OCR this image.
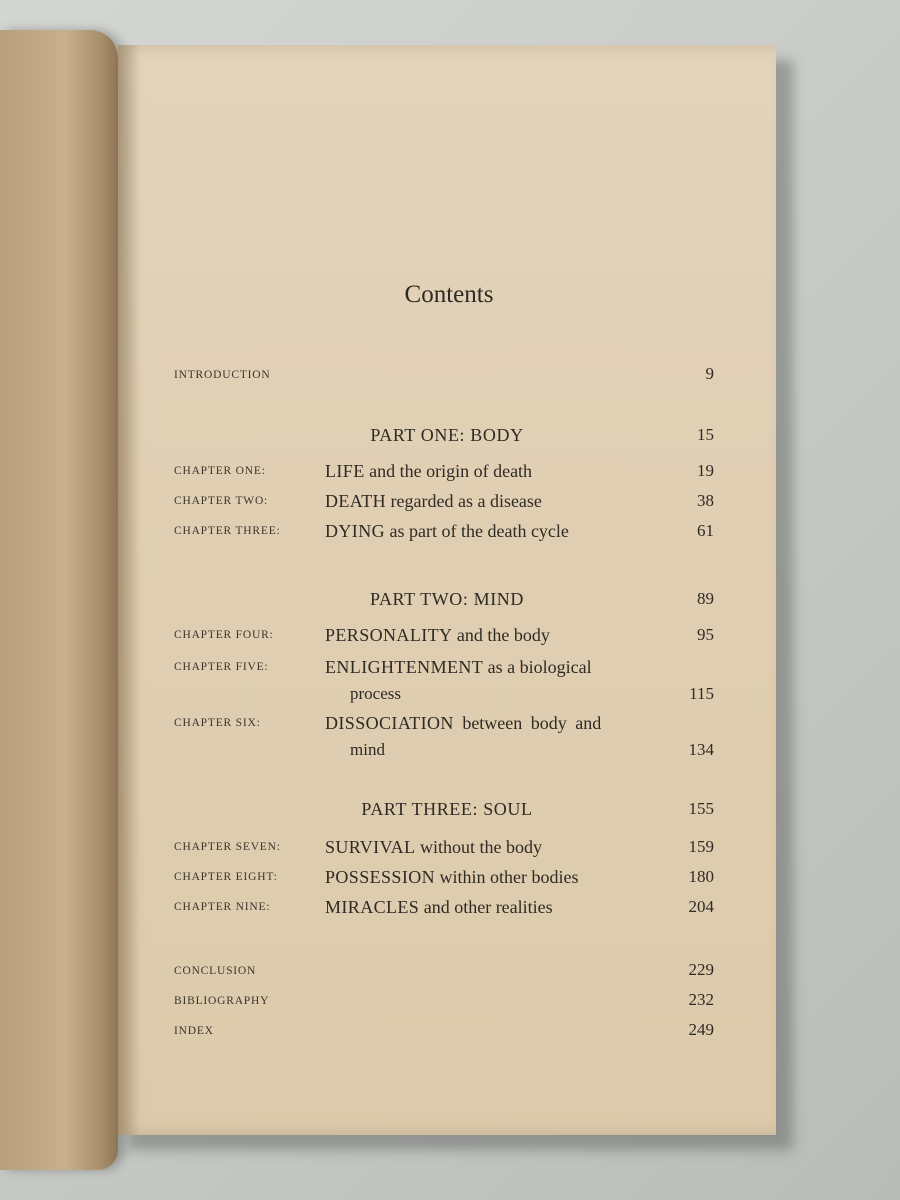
Contents
INTRODUCTION	9
PART ONE: BODY	15
CHAPTER ONE:	LIFE and the origin of death	19
CHAPTER TWO:	DEATH regarded as a disease	38
CHAPTER THREE: DYING as part of the death cycle	61
PART TWO: MIND	89
CHAPTER FOUR:	PERSONALITY and the body	95
CHAPTER FIVE:	ENLIGHTENMENT as a biological
process	115
CHAPTER SIX:	DISSOCIATION between body and
mind	134
PART THREE: SOUL	155
CHAPTER SEVEN: SURVIVAL without the body	159
CHAPTER EIGHT:	POSSESSION within other bodies	180
CHAPTER NINE:	MIRACLES and other realities	204
CONCLUSION	229
BIBLIOGRAPHY	232
INDEX	249
